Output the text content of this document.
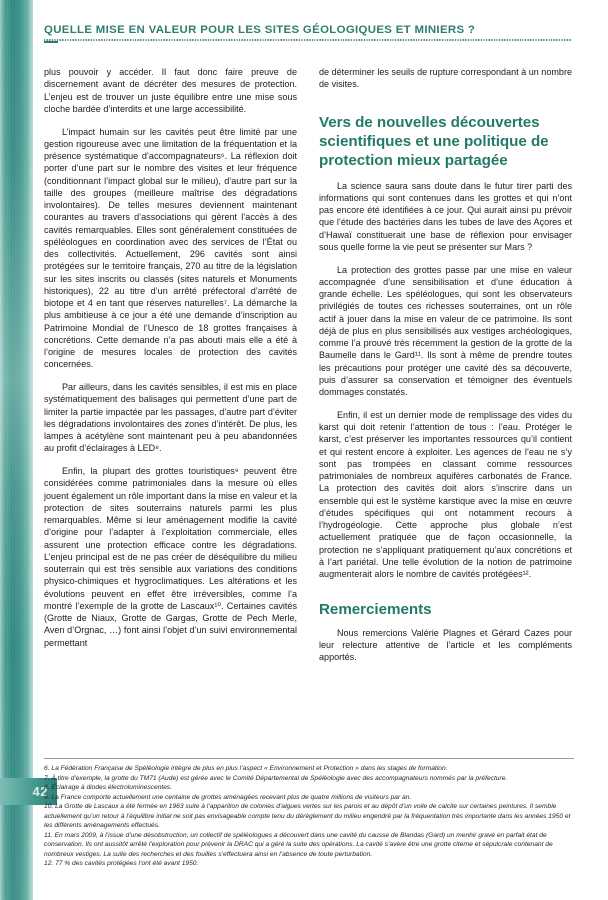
42
QUELLE MISE EN VALEUR POUR LES SITES GÉOLOGIQUES ET MINIERS ?

plus pouvoir y accéder. Il faut donc faire preuve de discernement avant de décréter des mesures de protection. L’enjeu est de trouver un juste équilibre entre une mise sous cloche bardée d’interdits et une large accessibilité.

L’impact humain sur les cavités peut être limité par une gestion rigoureuse avec une limitation de la fréquentation et la présence systématique d’accompagnateurs⁶. La réflexion doit porter d’une part sur le nombre des visites et leur fréquence (conditionnant l’impact global sur le milieu), d’autre part sur la taille des groupes (meilleure maîtrise des dégradations involontaires). De telles mesures deviennent maintenant courantes au travers d’associations qui gèrent l’accès à des cavités remarquables. Elles sont généralement constituées de spéléologues en coordination avec des services de l’État ou des collectivités. Actuellement, 296 cavités sont ainsi protégées sur le territoire français, 270 au titre de la législation sur les sites inscrits ou classés (sites naturels et Monuments historiques), 22 au titre d’un arrêté préfectoral d’arrêté de biotope et 4 en tant que réserves naturelles⁷. La démarche la plus ambitieuse à ce jour a été une demande d’inscription au Patrimoine Mondial de l’Unesco de 18 grottes françaises à concrétions. Cette demande n’a pas abouti mais elle a été à l’origine de mesures locales de protection des cavités concernées.

Par ailleurs, dans les cavités sensibles, il est mis en place systématiquement des balisages qui permettent d’une part de limiter la partie impactée par les passages, d’autre part d’éviter les dégradations involontaires des zones d’intérêt. De plus, les lampes à acétylène sont maintenant peu à peu abandonnées au profit d’éclairages à LED⁸.

Enfin, la plupart des grottes touristiques⁹ peuvent être considérées comme patrimoniales dans la mesure où elles jouent également un rôle important dans la mise en valeur et la protection de sites souterrains naturels parmi les plus remarquables. Même si leur aménagement modifie la cavité d’origine pour l’adapter à l’exploitation commerciale, elles assurent une protection efficace contre les dégradations. L’enjeu principal est de ne pas créer de déséquilibre du milieu souterrain qui est très sensible aux variations des conditions physico-chimiques et hygroclimatiques. Les altérations et les évolutions peuvent en effet être irréversibles, comme l’a montré l’exemple de la grotte de Lascaux¹⁰. Certaines cavités (Grotte de Niaux, Grotte de Gargas, Grotte de Pech Merle, Aven d’Orgnac, …) font ainsi l’objet d’un suivi environnemental permettant

de déterminer les seuils de rupture correspondant à un nombre de visites.

Vers de nouvelles découvertes scientifiques et une politique de protection mieux partagée

La science saura sans doute dans le futur tirer parti des informations qui sont contenues dans les grottes et qui n’ont pas encore été identifiées à ce jour. Qui aurait ainsi pu prévoir que l’étude des bactéries dans les tubes de lave des Açores et d’Hawaï constituerait une base de réflexion pour envisager sous quelle forme la vie peut se présenter sur Mars ?

La protection des grottes passe par une mise en valeur accompagnée d’une sensibilisation et d’une éducation à grande échelle. Les spéléologues, qui sont les observateurs privilégiés de toutes ces richesses souterraines, ont un rôle actif à jouer dans la mise en valeur de ce patrimoine. Ils sont déjà de plus en plus sensibilisés aux vestiges archéologiques, comme l’a prouvé très récemment la gestion de la grotte de la Baumelle dans le Gard¹¹. Ils sont à même de prendre toutes les précautions pour protéger une cavité dès sa découverte, puis d’assurer sa conservation et témoigner des éventuels dommages constatés.

Enfin, il est un dernier mode de remplissage des vides du karst qui doit retenir l’attention de tous : l’eau. Protéger le karst, c’est préserver les importantes ressources qu’il contient et qui restent encore à exploiter. Les agences de l’eau ne s’y sont pas trompées en classant comme ressources patrimoniales de nombreux aquifères carbonatés de France. La protection des cavités doit alors s’inscrire dans un ensemble qui est le système karstique avec la mise en œuvre d’études spécifiques qui ont notamment recours à l’hydrogéologie. Cette approche plus globale n’est actuellement pratiquée que de façon occasionnelle, la protection ne s’appliquant pratiquement qu’aux concrétions et à l’art pariétal. Une telle évolution de la notion de patrimoine augmenterait alors le nombre de cavités protégées¹².

Remerciements

Nous remercions Valérie Plagnes et Gérard Cazes pour leur relecture attentive de l’article et les compléments apportés.

6. La Fédération Française de Spéléologie intègre de plus en plus l’aspect « Environnement et Protection » dans les stages de formation.

7. À titre d’exemple, la grotte du TM71 (Aude) est gérée avec le Comité Départemental de Spéléologie avec des accompagnateurs nommés par la préfecture.

8. Éclairage à diodes électroluminescentes.

9. La France comporte actuellement une centaine de grottes aménagées recevant plus de quatre millions de visiteurs par an.

10. La Grotte de Lascaux a été fermée en 1963 suite à l’apparition de colonies d’algues vertes sur les parois et au dépôt d’un voile de calcite sur certaines peintures. Il semble actuellement qu’un retour à l’équilibre initial ne soit pas envisageable compte tenu du dérèglement du milieu engendré par la fréquentation très importante dans les années 1950 et les différents aménagements effectués.

11. En mars 2009, à l’issue d’une désobstruction, un collectif de spéléologues a découvert dans une cavité du causse de Blandas (Gard) un menhir gravé en parfait état de conservation. Ils ont aussitôt arrêté l’exploration pour prévenir la DRAC qui a géré la suite des opérations. La cavité s’avère être une grotte citerne et sépulcrale contenant de nombreux vestiges. La suite des recherches et des fouilles s’effectuera ainsi en l’absence de toute perturbation.

12. 77 % des cavités protégées l’ont été avant 1950.
